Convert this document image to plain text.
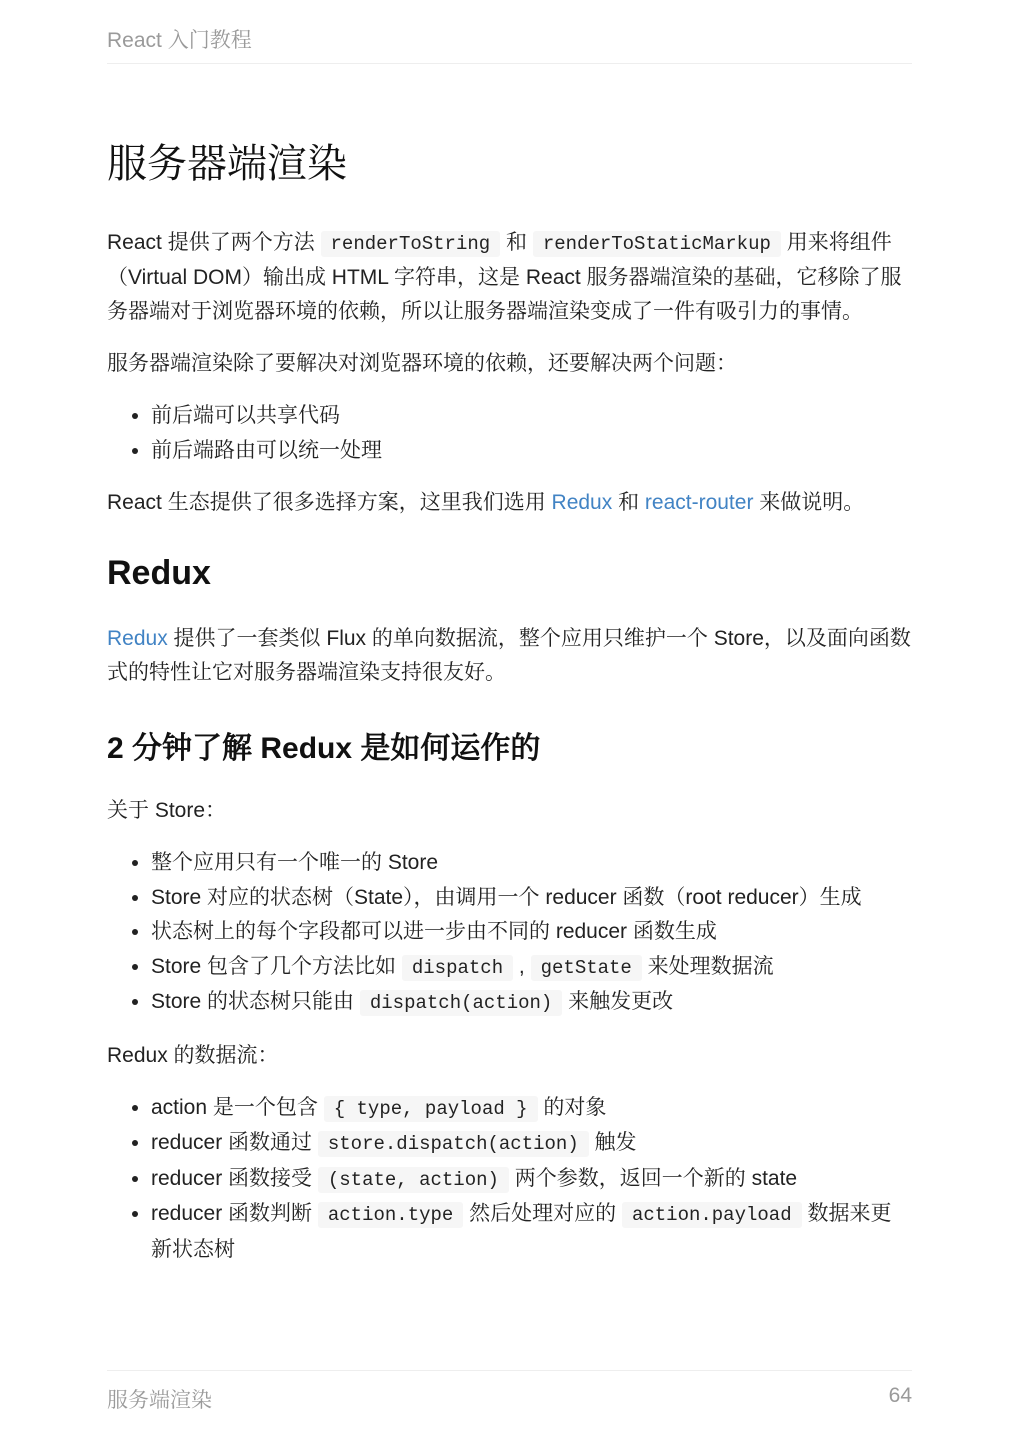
React 入门教程
服务器端渲染

React 提供了两个方法 renderToString 和 renderToStaticMarkup 用来将组件（Virtual DOM）输出成 HTML 字符串，这是 React 服务器端渲染的基础，它移除了服务器端对于浏览器环境的依赖，所以让服务器端渲染变成了一件有吸引力的事情。

服务器端渲染除了要解决对浏览器环境的依赖，还要解决两个问题：

• 前后端可以共享代码
• 前后端路由可以统一处理

React 生态提供了很多选择方案，这里我们选用 Redux 和 react-router 来做说明。

Redux

Redux 提供了一套类似 Flux 的单向数据流，整个应用只维护一个 Store，以及面向函数式的特性让它对服务器端渲染支持很友好。

2 分钟了解 Redux 是如何运作的

关于 Store：

• 整个应用只有一个唯一的 Store
• Store 对应的状态树（State），由调用一个 reducer 函数（root reducer）生成
• 状态树上的每个字段都可以进一步由不同的 reducer 函数生成
• Store 包含了几个方法比如 dispatch , getState 来处理数据流
• Store 的状态树只能由 dispatch(action) 来触发更改

Redux 的数据流：

• action 是一个包含 { type, payload } 的对象
• reducer 函数通过 store.dispatch(action) 触发
• reducer 函数接受 (state, action) 两个参数，返回一个新的 state
• reducer 函数判断 action.type 然后处理对应的 action.payload 数据来更新状态树
服务端渲染	64
